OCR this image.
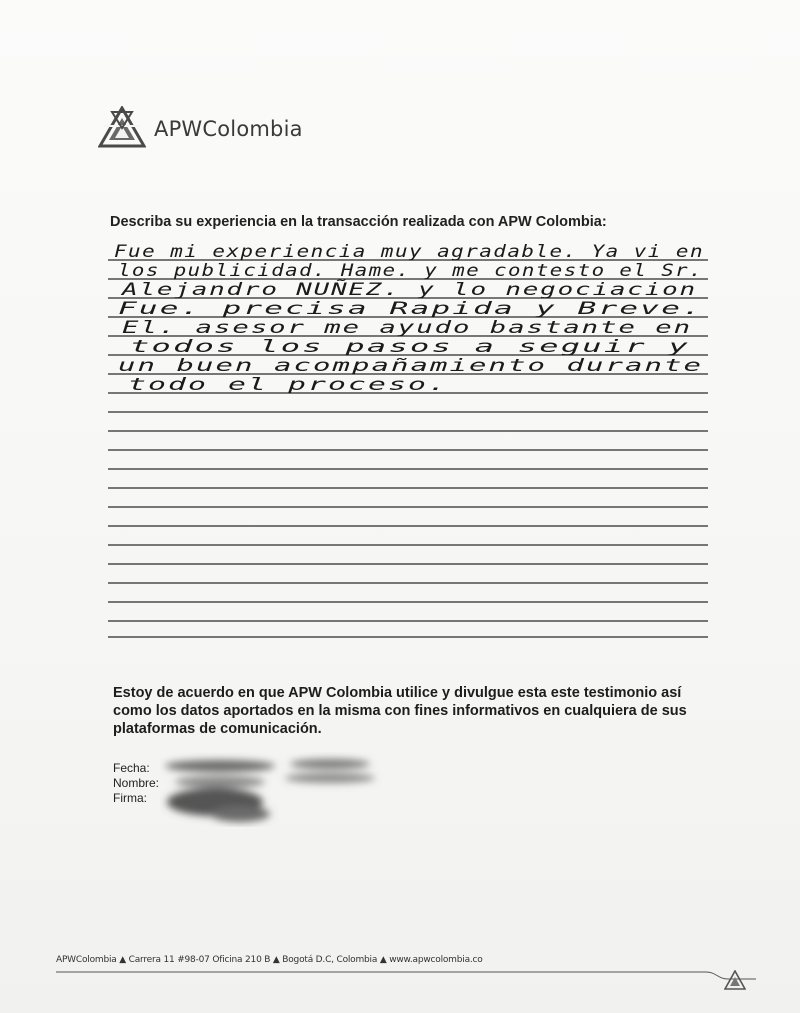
APWColombia
Describa su experiencia en la transacción realizada con APW Colombia:
Fue mi experiencia muy agradable. Ya vi en
los publicidad. Hame. y me contesto el Sr.
Alejandro NUÑEZ. y lo negociacion
Fue. precisa Rapida y Breve.
El. asesor me ayudo bastante en
todos los pasos a seguir y
un buen acompañamiento durante
todo el proceso.
Estoy de acuerdo en que APW Colombia utilice y divulgue esta este testimonio así como los datos aportados en la misma con fines informativos en cualquiera de sus plataformas de comunicación.
Fecha:
Nombre:
Firma:
APWColombia ▲ Carrera 11 #98-07 Oficina 210 B ▲ Bogotá D.C, Colombia ▲ www.apwcolombia.co
